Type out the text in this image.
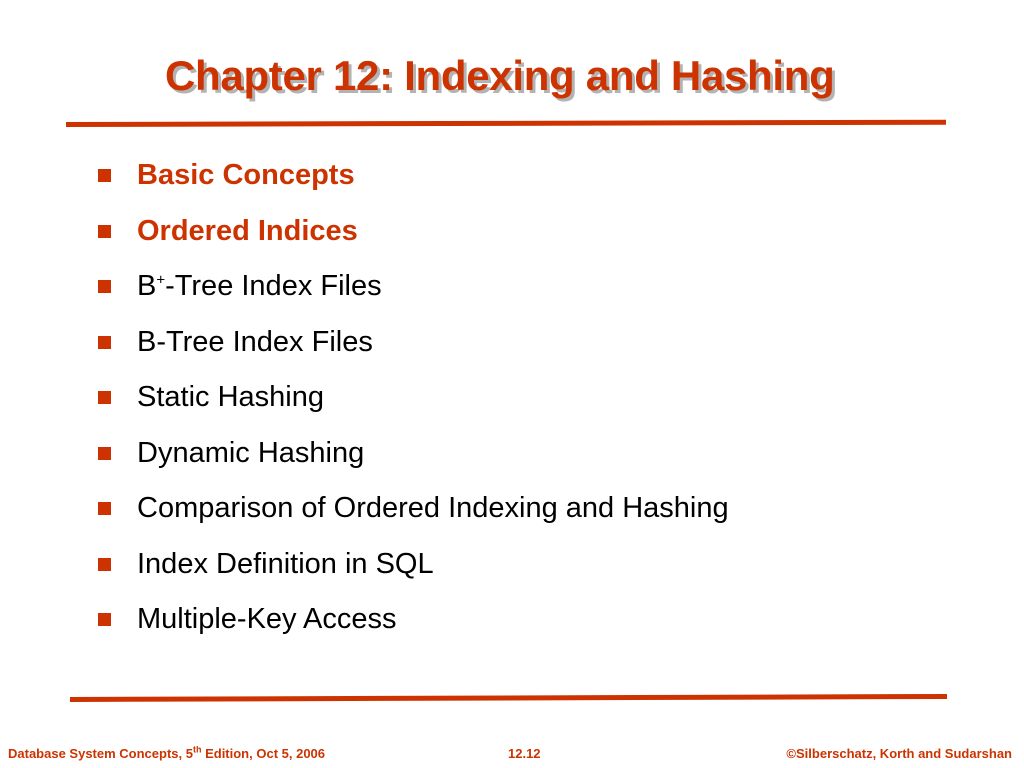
Chapter 12: Indexing and Hashing
Basic Concepts
Ordered Indices
B+-Tree Index Files
B-Tree Index Files
Static Hashing
Dynamic Hashing
Comparison of Ordered Indexing and Hashing
Index Definition in SQL
Multiple-Key Access
Database System Concepts, 5th Edition, Oct 5, 2006	12.12	©Silberschatz, Korth and Sudarshan
